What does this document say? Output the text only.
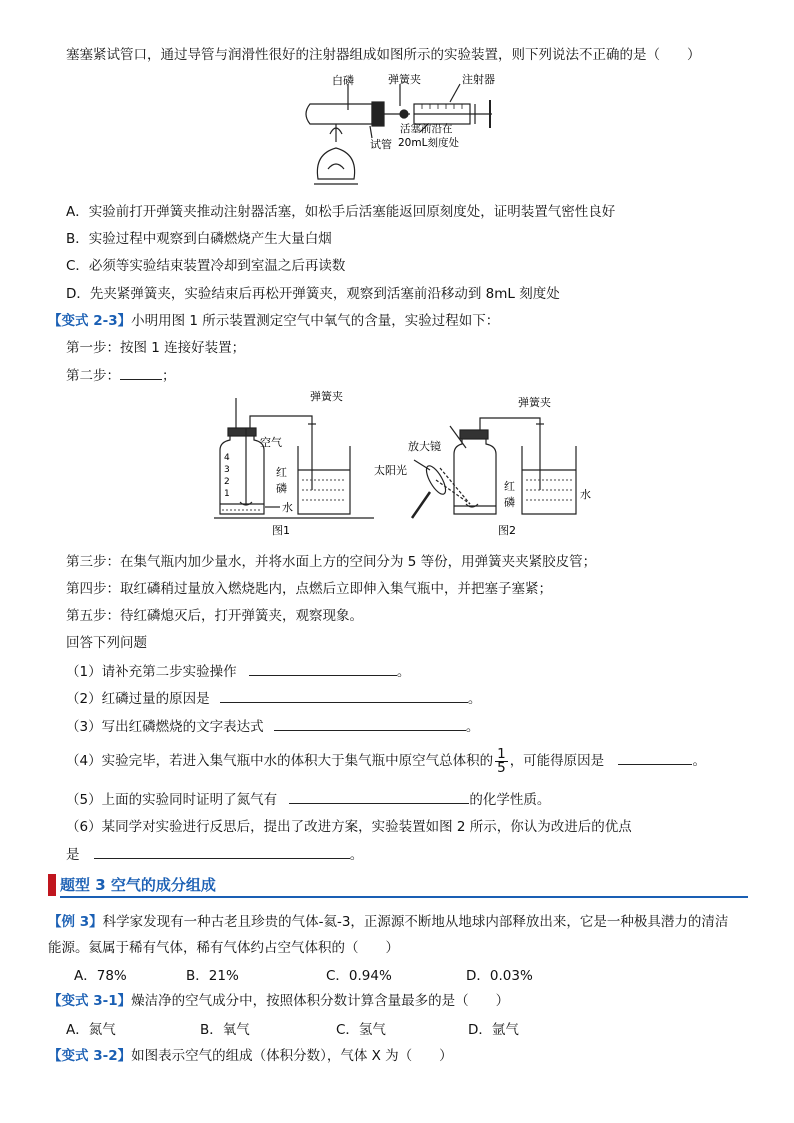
塞塞紧试管口，通过导管与润滑性很好的注射器组成如图所示的实验装置，则下列说法不正确的是（　　）
白磷	弹簧夹	注射器
试管
活塞前沿在
20mL刻度处
A．实验前打开弹簧夹推动注射器活塞，如松手后活塞能返回原刻度处，证明装置气密性良好
B．实验过程中观察到白磷燃烧产生大量白烟
C．必须等实验结束装置冷却到室温之后再读数
D．先夹紧弹簧夹，实验结束后再松开弹簧夹，观察到活塞前沿移动到 8mL 刻度处
【变式 2-3】小明用图 1 所示装置测定空气中氧气的含量，实验过程如下：
第一步：按图 1 连接好装置；
第二步：	；
弹簧夹
空气
红
磷
水
4
3
2
1
图1
弹簧夹
放大镜
太阳光
红
磷
水
图2
第三步：在集气瓶内加少量水，并将水面上方的空间分为 5 等份，用弹簧夹夹紧胶皮管；
第四步：取红磷稍过量放入燃烧匙内，点燃后立即伸入集气瓶中，并把塞子塞紧；
第五步：待红磷熄灭后，打开弹簧夹，观察现象。
回答下列问题
（1）请补充第二步实验操作	。
（2）红磷过量的原因是	。
（3）写出红磷燃烧的文字表达式	。
（4）实验完毕，若进入集气瓶中水的体积大于集气瓶中原空气总体积的 $\frac{1}{5}$ ，可能得原因是	。
（5）上面的实验同时证明了氮气有	的化学性质。
（6）某同学对实验进行反思后，提出了改进方案，实验装置如图 2 所示，你认为改进后的优点
是	。
题型 3 空气的成分组成
【例 3】科学家发现有一种古老且珍贵的气体-氦-3，正源源不断地从地球内部释放出来，它是一种极具潜力的清洁
能源。氦属于稀有气体，稀有气体约占空气体积的（　　）
A．78%	B．21%	C．0.94%	D．0.03%
【变式 3-1】燥洁净的空气成分中，按照体积分数计算含量最多的是（　　）
A．氮气	B．氧气	C．氢气	D．氩气
【变式 3-2】如图表示空气的组成（体积分数），气体 X 为（　　）
